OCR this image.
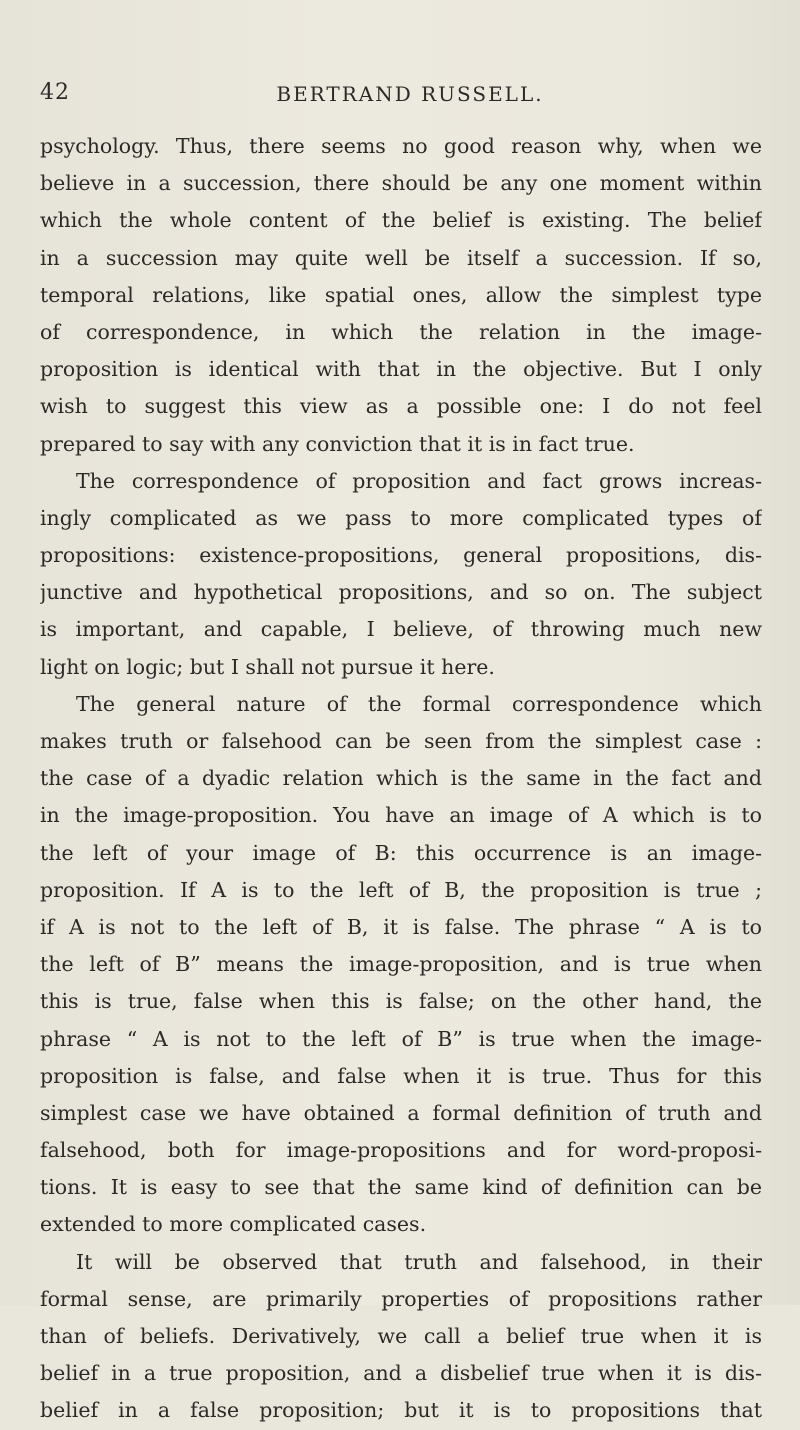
42	BERTRAND RUSSELL.
psychology. Thus, there seems no good reason why, when we
believe in a succession, there should be any one moment within
which the whole content of the belief is existing. The belief
in a succession may quite well be itself a succession. If so,
temporal relations, like spatial ones, allow the simplest type
of correspondence, in which the relation in the image-
proposition is identical with that in the objective. But I only
wish to suggest this view as a possible one: I do not feel
prepared to say with any conviction that it is in fact true.
The correspondence of proposition and fact grows increas-
ingly complicated as we pass to more complicated types of
propositions: existence-propositions, general propositions, dis-
junctive and hypothetical propositions, and so on. The subject
is important, and capable, I believe, of throwing much new
light on logic; but I shall not pursue it here.
The general nature of the formal correspondence which
makes truth or falsehood can be seen from the simplest case :
the case of a dyadic relation which is the same in the fact and
in the image-proposition. You have an image of A which is to
the left of your image of B: this occurrence is an image-
proposition. If A is to the left of B, the proposition is true ;
if A is not to the left of B, it is false. The phrase “ A is to
the left of B” means the image-proposition, and is true when
this is true, false when this is false; on the other hand, the
phrase “ A is not to the left of B” is true when the image-
proposition is false, and false when it is true. Thus for this
simplest case we have obtained a formal definition of truth and
falsehood, both for image-propositions and for word-proposi-
tions. It is easy to see that the same kind of definition can be
extended to more complicated cases.
It will be observed that truth and falsehood, in their
formal sense, are primarily properties of propositions rather
than of beliefs. Derivatively, we call a belief true when it is
belief in a true proposition, and a disbelief true when it is dis-
belief in a false proposition; but it is to propositions that
